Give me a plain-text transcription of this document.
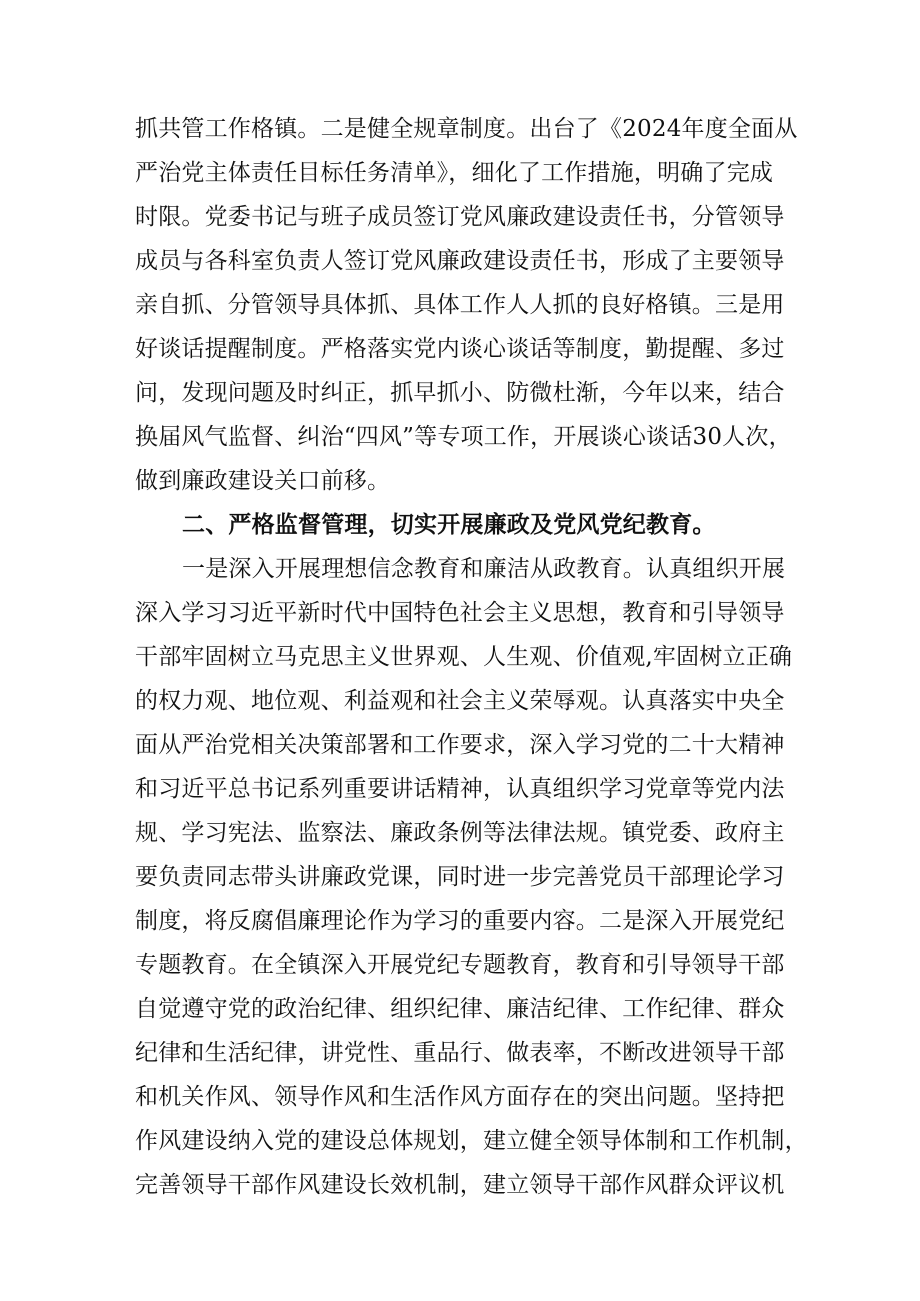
抓共管工作格镇。二是健全规章制度。出台了《2024年度全面从
严治党主体责任目标任务清单》，细化了工作措施，明确了完成
时限。党委书记与班子成员签订党风廉政建设责任书，分管领导
成员与各科室负责人签订党风廉政建设责任书，形成了主要领导
亲自抓、分管领导具体抓、具体工作人人抓的良好格镇。三是用
好谈话提醒制度。严格落实党内谈心谈话等制度，勤提醒、多过
问，发现问题及时纠正，抓早抓小、防微杜渐，今年以来，结合
换届风气监督、纠治“四风”等专项工作，开展谈心谈话30人次，
做到廉政建设关口前移。
二、严格监督管理，切实开展廉政及党风党纪教育。
一是深入开展理想信念教育和廉洁从政教育。认真组织开展
深入学习习近平新时代中国特色社会主义思想，教育和引导领导
干部牢固树立马克思主义世界观、人生观、价值观,牢固树立正确
的权力观、地位观、利益观和社会主义荣辱观。认真落实中央全
面从严治党相关决策部署和工作要求，深入学习党的二十大精神
和习近平总书记系列重要讲话精神，认真组织学习党章等党内法
规、学习宪法、监察法、廉政条例等法律法规。镇党委、政府主
要负责同志带头讲廉政党课，同时进一步完善党员干部理论学习
制度，将反腐倡廉理论作为学习的重要内容。二是深入开展党纪
专题教育。在全镇深入开展党纪专题教育，教育和引导领导干部
自觉遵守党的政治纪律、组织纪律、廉洁纪律、工作纪律、群众
纪律和生活纪律，讲党性、重品行、做表率，不断改进领导干部
和机关作风、领导作风和生活作风方面存在的突出问题。坚持把
作风建设纳入党的建设总体规划，建立健全领导体制和工作机制，
完善领导干部作风建设长效机制，建立领导干部作风群众评议机
